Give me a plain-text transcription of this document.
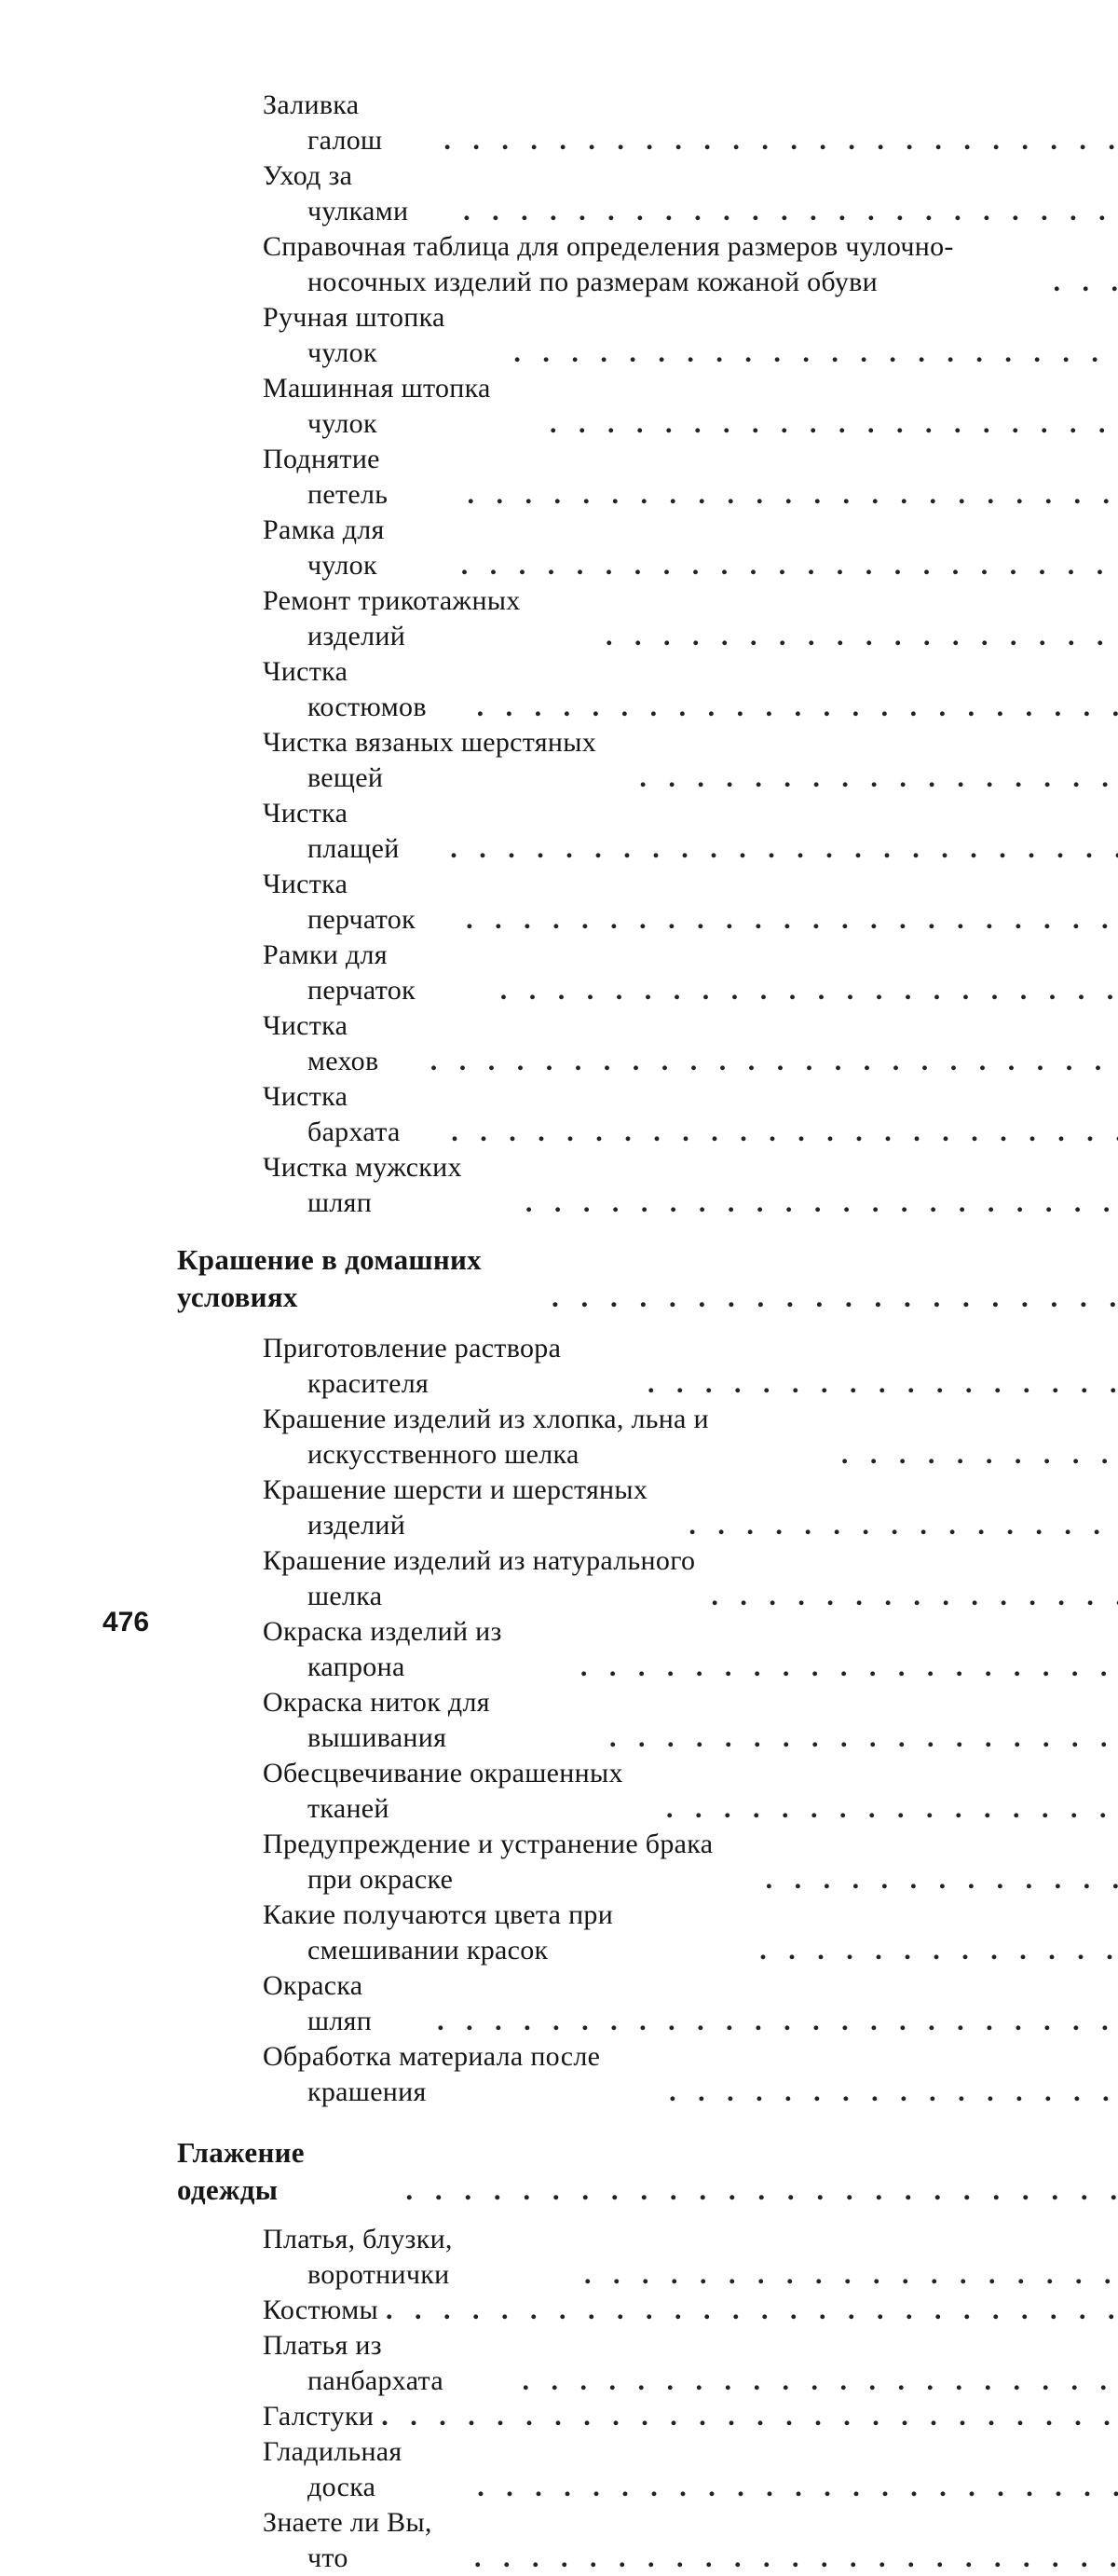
Заливка галош	. . . . . . . . . . . . . . . . . . . . . . .
Уход за чулками	. . . . . . . . . . . . . . . . . . . . . . .
Справочная таблица для определения размеров чулочно-носочных изделий по размерам кожаной обуви	. .
Ручная штопка чулок	. . . . . . . . . . . . . . . . . . . . .
Машинная штопка чулок	. . . . . . . . . . . . . . . . . . . .
Поднятие петель	. . . . . . . . . . . . . . . . . . . . . . .
Рамка для чулок	. . . . . . . . . . . . . . . . . . . . . . .
Ремонт трикотажных изделий	. . . . . . . . . . . . . . . . . .
Чистка костюмов	. . . . . . . . . . . . . . . . . . . . . .
Чистка вязаных шерстяных вещей	. . . . . . . . . . . . . . . . .
Чистка плащей	. . . . . . . . . . . . . . . . . . . . . . .
Чистка перчаток	. . . . . . . . . . . . . . . . . . . . . . .
Рамки для перчаток	. . . . . . . . . . . . . . . . . . . . .
Чистка мехов	. . . . . . . . . . . . . . . . . . . . . . . .
Чистка бархата	. . . . . . . . . . . . . . . . . . . . . . .
Чистка мужских шляп	. . . . . . . . . . . . . . . . . . . . .
Крашение в домашних условиях	. . . . . . . . . . . . . . . . . . .
Приготовление раствора красителя	. . . . . . . . . . . . . . . .
Крашение изделий из хлопка, льна и искусственного шелка	. . . . . . . . . .
Крашение шерсти и шерстяных изделий	. . . . . . . . . . . . . . .
Крашение изделий из натурального шелка	. . . . . . . . . . . . . .
Окраска изделий из капрона	. . . . . . . . . . . . . . . . . . .
Окраска ниток для вышивания	. . . . . . . . . . . . . . . . . .
Обесцвечивание окрашенных тканей	. . . . . . . . . . . . . . . .
Предупреждение и устранение брака при окраске	. . . . . . . . . . . .
Какие получаются цвета при смешивании красок	. . . . . . . . . . . .
Окраска шляп	. . . . . . . . . . . . . . . . . . . . . . . .
Обработка материала после крашения	. . . . . . . . . . . . . . . .
Глажение одежды	. . . . . . . . . . . . . . . . . . . . . . . .
Платья, блузки, воротнички	. . . . . . . . . . . . . . . . . . .
Костюмы . . . . . . . . . . . . . . . . . . . . . . . . .
Платья из панбархата	. . . . . . . . . . . . . . . . . . . . .
Галстуки . . . . . . . . . . . . . . . . . . . . . . . . . .
Гладильная доска	. . . . . . . . . . . . . . . . . . . . . .
Знаете ли Вы, что	. . . . . . . . . . . . . . . . . . . . . .
476
